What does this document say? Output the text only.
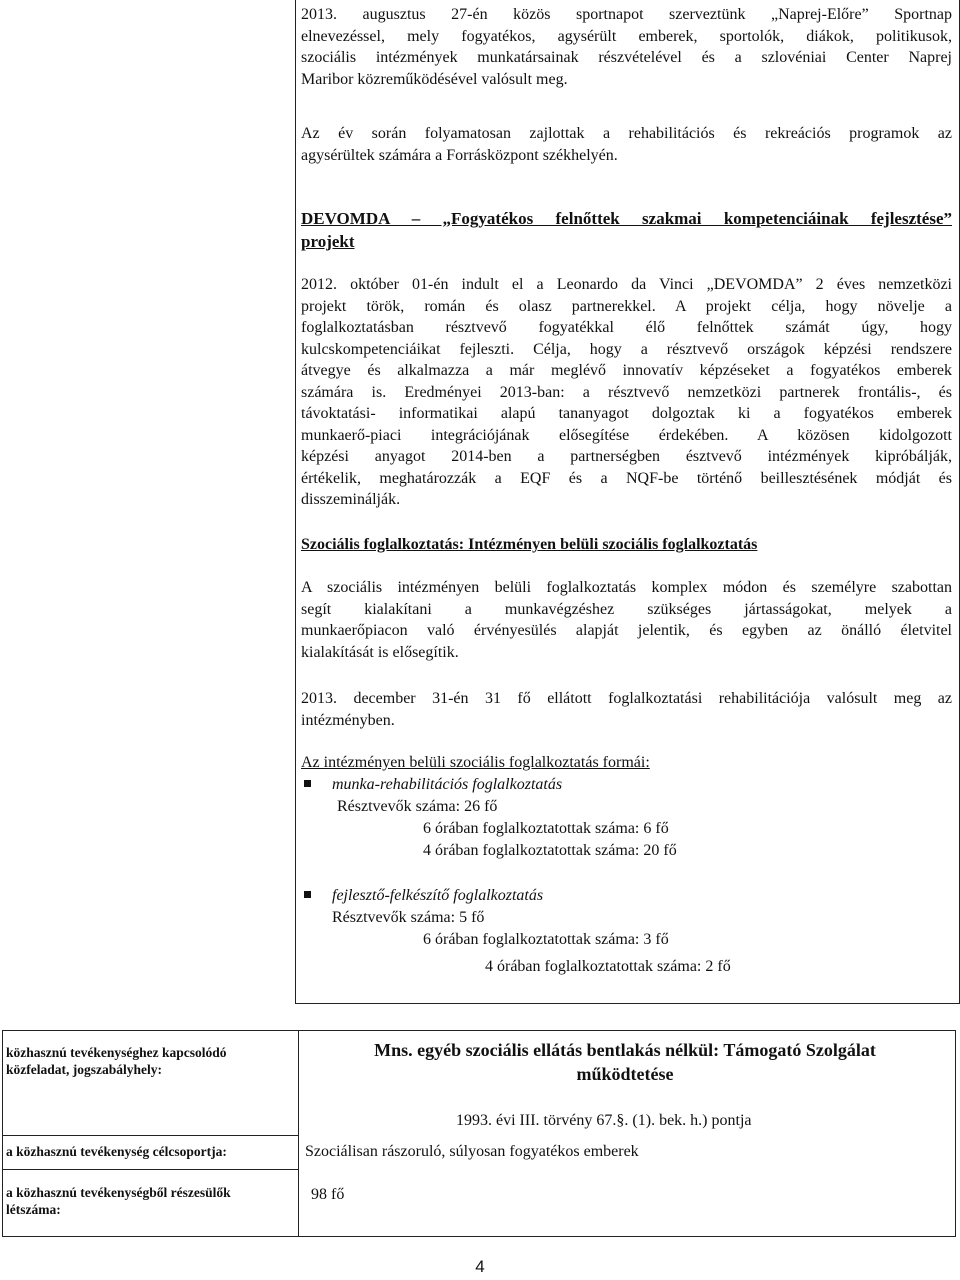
2013. augusztus 27-én közös sportnapot szerveztünk „Naprej-Előre” Sportnap
elnevezéssel, mely fogyatékos, agysérült emberek, sportolók, diákok, politikusok,
szociális intézmények munkatársainak részvételével és a szlovéniai Center Naprej
Maribor közreműködésével valósult meg.
Az év során folyamatosan zajlottak a rehabilitációs és rekreációs programok az
agysérültek számára a Forrásközpont székhelyén.
DEVOMDA – „Fogyatékos felnőttek szakmai kompetenciáinak fejlesztése”
projekt
2012. október 01-én indult el a Leonardo da Vinci „DEVOMDA” 2 éves nemzetközi
projekt török, román és olasz partnerekkel. A projekt célja, hogy növelje a
foglalkoztatásban résztvevő fogyatékkal élő felnőttek számát úgy, hogy
kulcskompetenciáikat fejleszti. Célja, hogy a résztvevő országok képzési rendszere
átvegye és alkalmazza a már meglévő innovatív képzéseket a fogyatékos emberek
számára is. Eredményei 2013-ban: a résztvevő nemzetközi partnerek frontális-, és
távoktatási- informatikai alapú tananyagot dolgoztak ki a fogyatékos emberek
munkaerő-piaci integrációjának elősegítése érdekében. A közösen kidolgozott
képzési anyagot 2014-ben a partnerségben észtvevő intézmények kipróbálják,
értékelik, meghatározzák a EQF és a NQF-be történő beillesztésének módját és
disszeminálják.

Szociális foglalkoztatás: Intézményen belüli szociális foglalkoztatás

A szociális intézményen belüli foglalkoztatás komplex módon és személyre szabottan
segít kialakítani a munkavégzéshez szükséges jártasságokat, melyek a
munkaerőpiacon való érvényesülés alapját jelentik, és egyben az önálló életvitel
kialakítását is elősegítik.
2013. december 31-én 31 fő ellátott foglalkoztatási rehabilitációja valósult meg az
intézményben.

Az intézményen belüli szociális foglalkoztatás formái:

munka-rehabilitációs foglalkoztatás

Résztvevők száma: 26 fő

6 órában foglalkoztatottak száma: 6 fő

4 órában foglalkoztatottak száma: 20 fő

fejlesztő-felkészítő foglalkoztatás

Résztvevők száma: 5 fő

6 órában foglalkoztatottak száma: 3 fő

4 órában foglalkoztatottak száma: 2 fő

közhasznú tevékenységhez kapcsolódó
közfeladat, jogszabályhely:

Mns. egyéb szociális ellátás bentlakás nélkül: Támogató Szolgálat
működtetése

1993. évi III. törvény 67.§. (1). bek. h.) pontja

a közhasznú tevékenység célcsoportja:	Szociálisan rászoruló, súlyosan fogyatékos emberek

a közhasznú tevékenységből részesülők
létszáma:

98 fő

4
